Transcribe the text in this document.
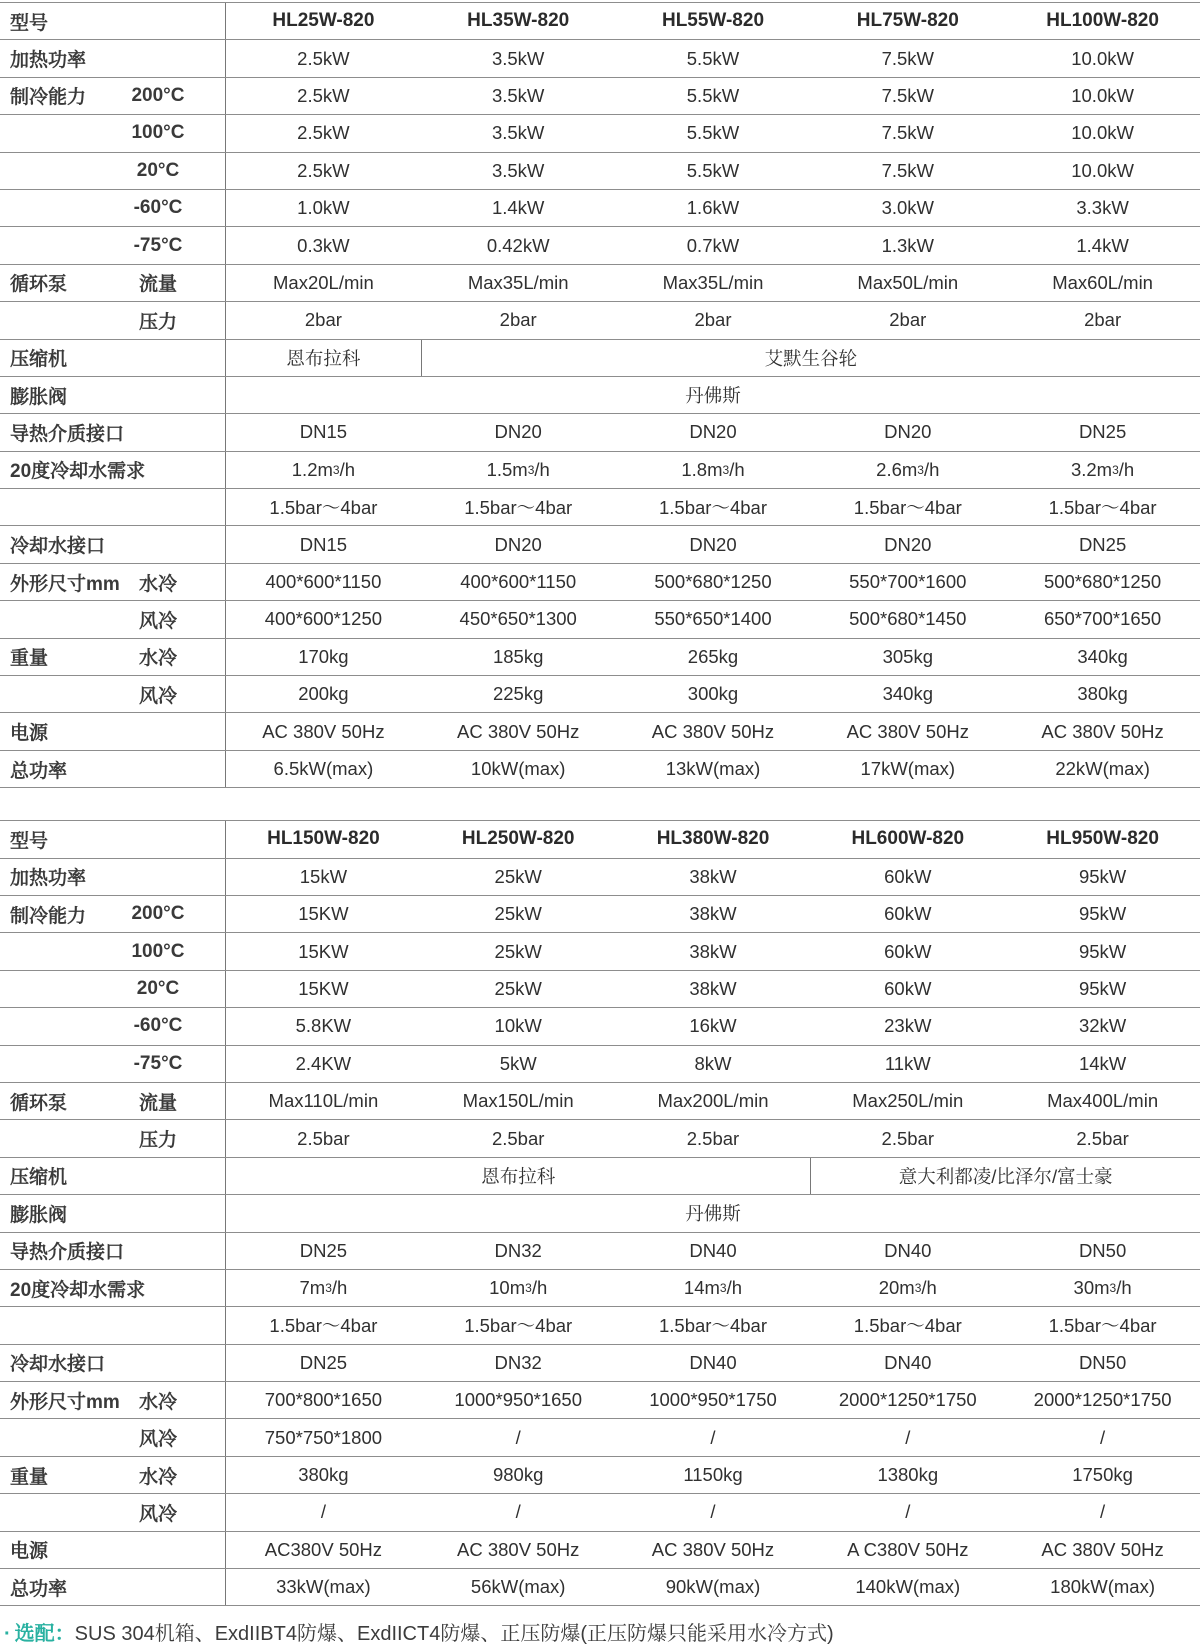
型号	HL25W-820	HL35W-820	HL55W-820	HL75W-820	HL100W-820
加热功率	2.5kW	3.5kW	5.5kW	7.5kW	10.0kW
制冷能力	200°C	2.5kW	3.5kW	5.5kW	7.5kW	10.0kW
100°C	2.5kW	3.5kW	5.5kW	7.5kW	10.0kW
20°C	2.5kW	3.5kW	5.5kW	7.5kW	10.0kW
-60°C	1.0kW	1.4kW	1.6kW	3.0kW	3.3kW
-75°C	0.3kW	0.42kW	0.7kW	1.3kW	1.4kW
循环泵	流量	Max20L/min	Max35L/min	Max35L/min	Max50L/min	Max60L/min
压力	2bar	2bar	2bar	2bar	2bar
压缩机	恩布拉科	艾默生谷轮
膨胀阀	丹佛斯
导热介质接口	DN15	DN20	DN20	DN20	DN25
20度冷却水需求	1.2m 3 /h	1.5m 3 /h	1.8m 3 /h	2.6m 3 /h	3.2m 3 /h
1.5bar～4bar	1.5bar～4bar	1.5bar～4bar	1.5bar～4bar	1.5bar～4bar
冷却水接口	DN15	DN20	DN20	DN20	DN25
外形尺寸mm	水冷	400*600*1150	400*600*1150	500*680*1250	550*700*1600	500*680*1250
风冷	400*600*1250	450*650*1300	550*650*1400	500*680*1450	650*700*1650
重量	水冷	170kg	185kg	265kg	305kg	340kg
风冷	200kg	225kg	300kg	340kg	380kg
电源	AC 380V 50Hz	AC 380V 50Hz	AC 380V 50Hz	AC 380V 50Hz	AC 380V 50Hz
总功率	6.5kW(max)	10kW(max)	13kW(max)	17kW(max)	22kW(max)
型号	HL150W-820	HL250W-820	HL380W-820	HL600W-820	HL950W-820
加热功率	15kW	25kW	38kW	60kW	95kW
制冷能力	200°C	15KW	25kW	38kW	60kW	95kW
100°C	15KW	25kW	38kW	60kW	95kW
20°C	15KW	25kW	38kW	60kW	95kW
-60°C	5.8KW	10kW	16kW	23kW	32kW
-75°C	2.4KW	5kW	8kW	11kW	14kW
循环泵	流量	Max110L/min	Max150L/min	Max200L/min	Max250L/min	Max400L/min
压力	2.5bar	2.5bar	2.5bar	2.5bar	2.5bar
压缩机	恩布拉科	意大利都凌/比泽尔/富士豪
膨胀阀	丹佛斯
导热介质接口	DN25	DN32	DN40	DN40	DN50
20度冷却水需求	7m 3 /h	10m 3 /h	14m 3 /h	20m 3 /h	30m 3 /h
1.5bar～4bar	1.5bar～4bar	1.5bar～4bar	1.5bar～4bar	1.5bar～4bar
冷却水接口	DN25	DN32	DN40	DN40	DN50
外形尺寸mm	水冷	700*800*1650	1000*950*1650	1000*950*1750	2000*1250*1750	2000*1250*1750
风冷	750*750*1800	/	/	/	/
重量	水冷	380kg	980kg	1150kg	1380kg	1750kg
风冷	/	/	/	/	/
电源	AC380V 50Hz	AC 380V 50Hz	AC 380V 50Hz	A C380V 50Hz	AC 380V 50Hz
总功率	33kW(max)	56kW(max)	90kW(max)	140kW(max)	180kW(max)
· 选配：SUS 304机箱、ExdIIBT4防爆、ExdIICT4防爆、正压防爆(正压防爆只能采用水冷方式)
